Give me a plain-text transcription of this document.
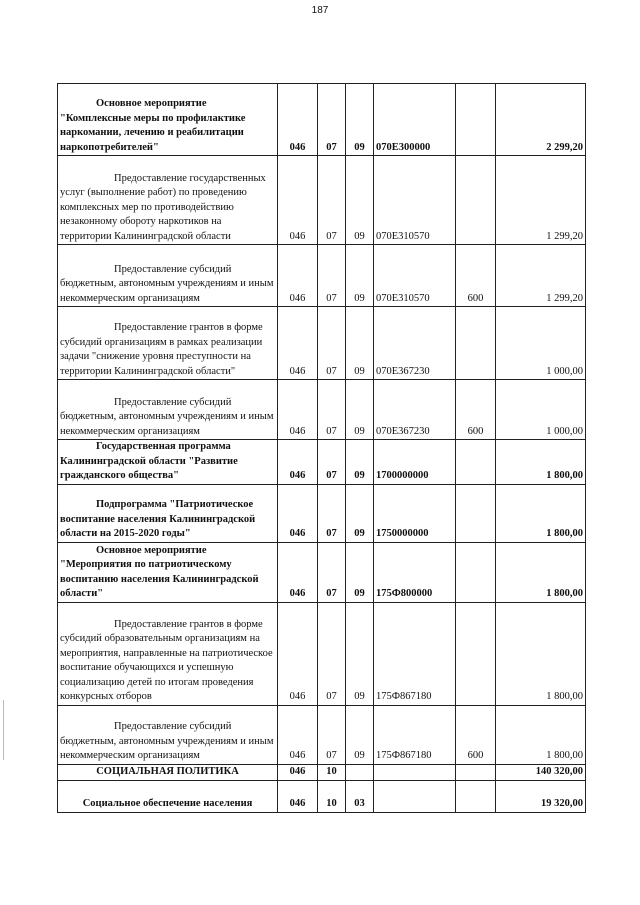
187
Основное мероприятие "Комплексные меры по профилактике наркомании, лечению и реабилитации наркопотребителей"	046	07	09	070Е300000		2 299,20
Предоставление государственных услуг (выполнение работ) по проведению комплексных мер по противодействию незаконному обороту наркотиков на территории Калининградской области	046	07	09	070Е310570		1 299,20
Предоставление субсидий бюджетным, автономным учреждениям и иным некоммерческим организациям	046	07	09	070Е310570	600	1 299,20
Предоставление грантов в форме субсидий организациям в рамках реализации задачи "снижение уровня преступности на территории Калининградской области"	046	07	09	070Е367230		1 000,00
Предоставление субсидий бюджетным, автономным учреждениям и иным некоммерческим организациям	046	07	09	070Е367230	600	1 000,00
Государственная программа Калининградской области "Развитие гражданского общества"	046	07	09	1700000000		1 800,00
Подпрограмма "Патриотическое воспитание населения Калининградской области на 2015-2020 годы"	046	07	09	1750000000		1 800,00
Основное мероприятие "Мероприятия по патриотическому воспитанию населения Калининградской области"	046	07	09	175Ф800000		1 800,00
Предоставление грантов в форме субсидий образовательным организациям на мероприятия, направленные на патриотическое воспитание обучающихся и успешную социализацию детей по итогам проведения конкурсных отборов	046	07	09	175Ф867180		1 800,00
Предоставление субсидий бюджетным, автономным учреждениям и иным некоммерческим организациям	046	07	09	175Ф867180	600	1 800,00
СОЦИАЛЬНАЯ ПОЛИТИКА	046	10				140 320,00
Социальное обеспечение населения	046	10	03			19 320,00
